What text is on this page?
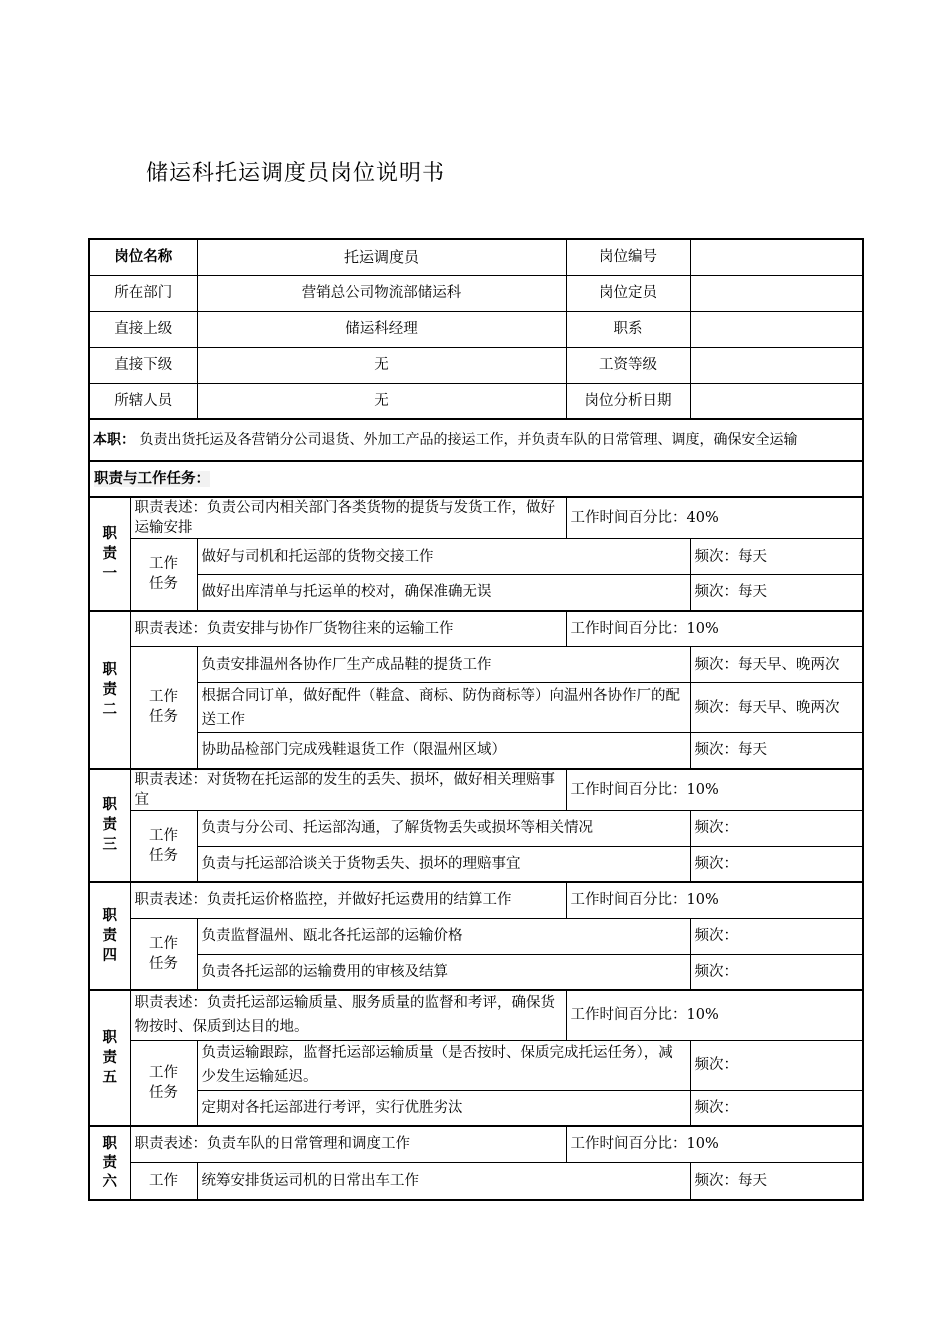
储运科托运调度员岗位说明书
岗位名称		托运调度员	岗位编号	
所在部门		营销总公司物流部储运科	岗位定员	
直接上级		储运科经理	职系	
直接下级		无	工资等级	
所辖人员		无	岗位分析日期	
本职： 负责出货托运及各营销分公司退货、外加工产品的接运工作，并负责车队的日常管理、调度，确保安全运输				
职责与工作任务：				
职责一	职责表述：负责公司内相关部门各类货物的提货与发货工作，做好运输安排		工作时间百分比：40%	
	工作任务	做好与司机和托运部的货物交接工作		频次：每天
		做好出库清单与托运单的校对，确保准确无误		频次：每天
职责二	职责表述：负责安排与协作厂货物往来的运输工作		工作时间百分比：10%	
	工作任务	负责安排温州各协作厂生产成品鞋的提货工作		频次：每天早、晚两次
		根据合同订单，做好配件（鞋盒、商标、防伪商标等）向温州各协作厂的配送工作		频次：每天早、晚两次
		协助品检部门完成残鞋退货工作（限温州区域）		频次：每天
职责三	职责表述：对货物在托运部的发生的丢失、损坏，做好相关理赔事宜		工作时间百分比：10%	
	工作任务	负责与分公司、托运部沟通，了解货物丢失或损坏等相关情况		频次：
		负责与托运部洽谈关于货物丢失、损坏的理赔事宜		频次：
职责四	职责表述：负责托运价格监控，并做好托运费用的结算工作		工作时间百分比：10%	
	工作任务	负责监督温州、瓯北各托运部的运输价格		频次：
		负责各托运部的运输费用的审核及结算		频次：
职责五	职责表述：负责托运部运输质量、服务质量的监督和考评，确保货物按时、保质到达目的地。		工作时间百分比：10%	
	工作任务	负责运输跟踪，监督托运部运输质量（是否按时、保质完成托运任务），减少发生运输延迟。		频次：
		定期对各托运部进行考评，实行优胜劣汰		频次：
职责六	职责表述：负责车队的日常管理和调度工作		工作时间百分比：10%	
	工作	统筹安排货运司机的日常出车工作		频次：每天
